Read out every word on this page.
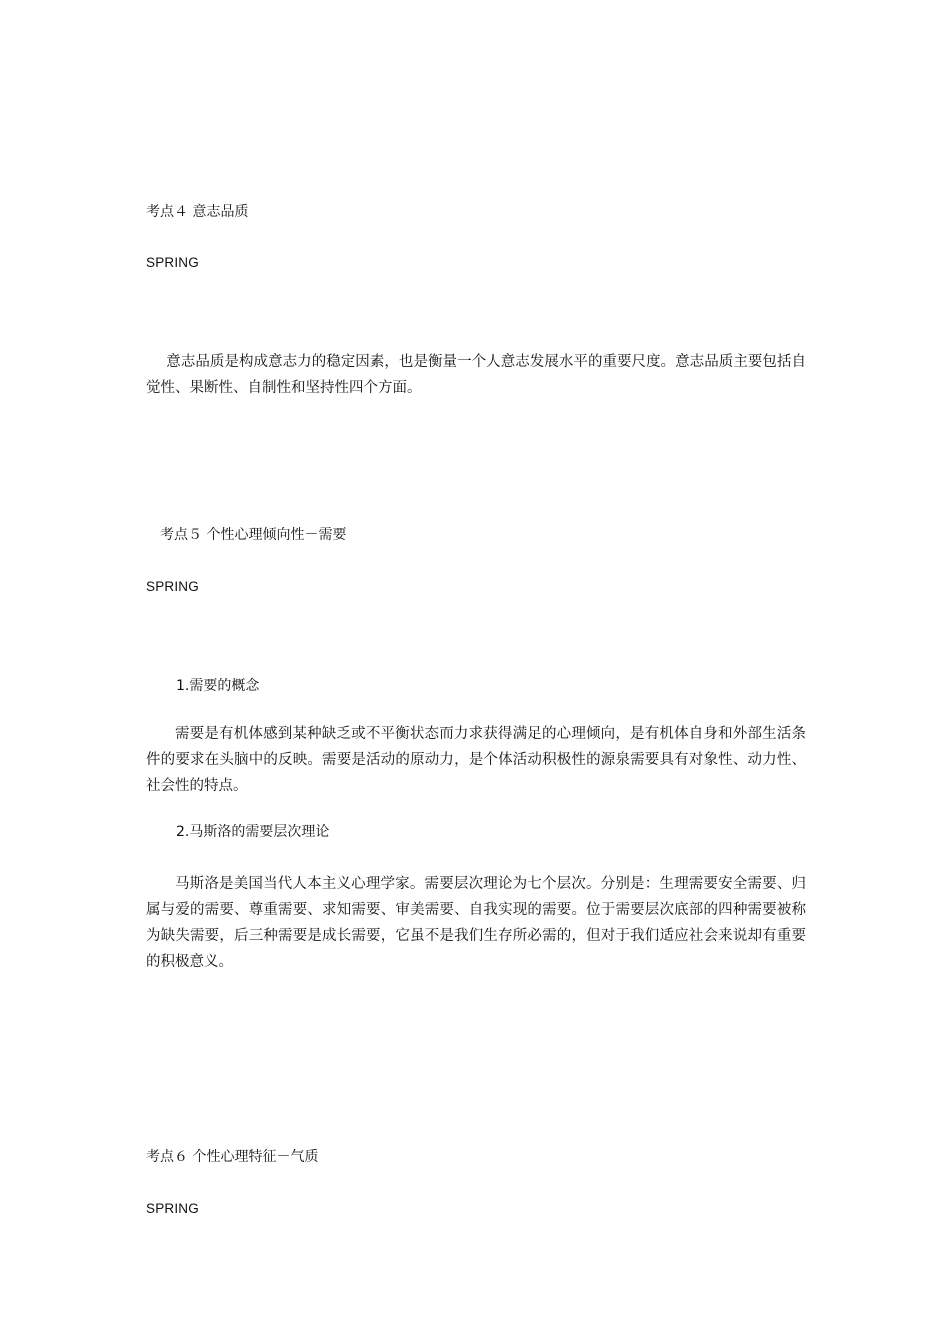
考点４ 意志品质
SPRING
意志品质是构成意志力的稳定因素，也是衡量一个人意志发展水平的重要尺度。意志品质主要包括自觉性、果断性、自制性和坚持性四个方面。
考点５ 个性心理倾向性－需要
SPRING
1.需要的概念
需要是有机体感到某种缺乏或不平衡状态而力求获得满足的心理倾向，是有机体自身和外部生活条件的要求在头脑中的反映。需要是活动的原动力，是个体活动积极性的源泉需要具有对象性、动力性、社会性的特点。
2.马斯洛的需要层次理论
马斯洛是美国当代人本主义心理学家。需要层次理论为七个层次。分别是：生理需要安全需要、归属与爱的需要、尊重需要、求知需要、审美需要、自我实现的需要。位于需要层次底部的四种需要被称为缺失需要，后三种需要是成长需要，它虽不是我们生存所必需的，但对于我们适应社会来说却有重要的积极意义。
考点６ 个性心理特征－气质
SPRING
